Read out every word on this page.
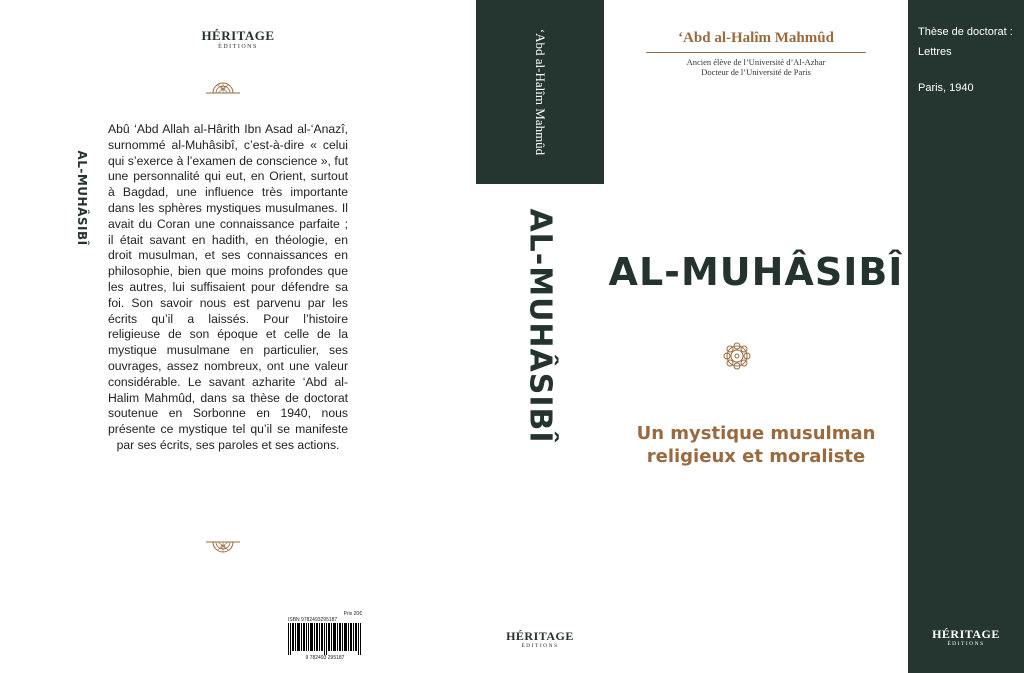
HÉRITAGE
ÉDITIONS
AL-MUHÂSIBÎ
Abû ‘Abd Allah al-Hârith Ibn Asad al-‘Anazî, surnommé al-Muhâsibî, c’est-à-dire « celui qui s’exerce à l’examen de conscience », fut une personnalité qui eut, en Orient, surtout à Bagdad, une influence très importante dans les sphères mystiques musulmanes. Il avait du Coran une connaissance parfaite ; il était savant en hadith, en théologie, en droit musulman, et ses connaissances en philosophie, bien que moins profondes que les autres, lui suffisaient pour défendre sa foi. Son savoir nous est parvenu par les écrits qu’il a laissés. Pour l’histoire religieuse de son époque et celle de la mystique musulmane en particulier, ses ouvrages, assez nombreux, ont une valeur considérable. Le savant azharite ‘Abd al-Halim Mahmûd, dans sa thèse de doctorat soutenue en Sorbonne en 1940, nous présente ce mystique tel qu’il se manifeste par ses écrits, ses paroles et ses actions.
Prix 20€
ISBN 9782493295187
9 782493 295187
‘Abd al-Halîm Mahmûd
AL-MUHÂSIBÎ
HÉRITAGE
ÉDITIONS
‘Abd al-Halîm Mahmûd
Ancien élève de l’Université d’Al-Azhar
Docteur de l’Université de Paris
AL-MUHÂSIBÎ
Un mystique musulman
religieux et moraliste
Thèse de doctorat :
Lettres
Paris, 1940
HÉRITAGE
ÉDITIONS
